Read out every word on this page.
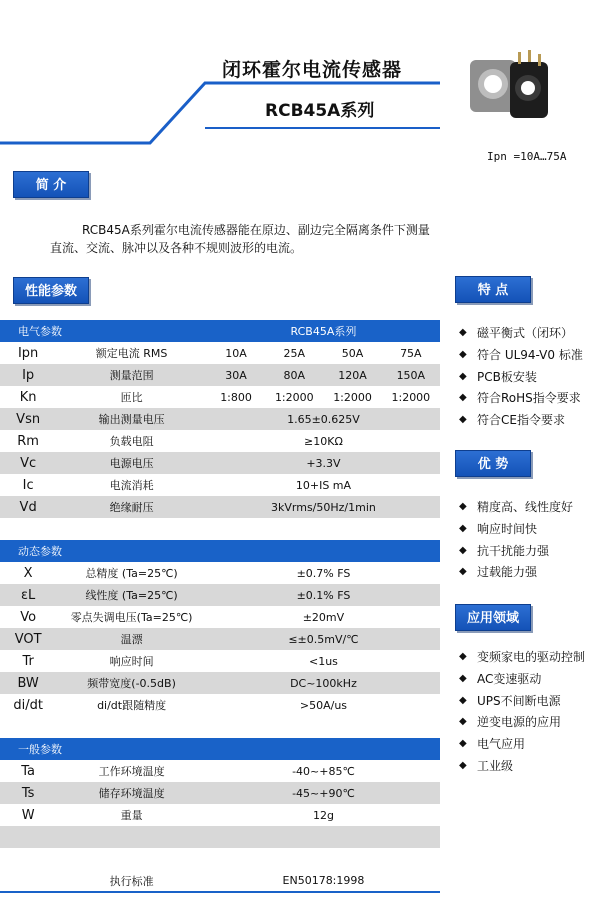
闭环霍尔电流传感器
RCB45A系列
Ipn =10A…75A
简 介
RCB45A系列霍尔电流传感器能在原边、副边完全隔离条件下测量直流、交流、脉冲以及各种不规则波形的电流。
性能参数
电气参数		RCB45A系列			
Ipn	额定电流 RMS	10A	25A	50A	75A
Ip	测量范围	30A	80A	120A	150A
Kn	匝比	1:800	1:2000	1:2000	1:2000
Vsn	输出测量电压	1.65±0.625V			
Rm	负载电阻	≥10KΩ			
Vc	电源电压	+3.3V			
Ic	电流消耗	10+IS mA			
Vd	绝缘耐压	3kVrms/50Hz/1min			

动态参数					
X	总精度 (Ta=25℃)	±0.7% FS			
εL	线性度 (Ta=25℃)	±0.1% FS			
Vo	零点失调电压(Ta=25℃)	±20mV			
VOT	温漂	≤±0.5mV/℃			
Tr	响应时间	<1us			
BW	频带宽度(-0.5dB)	DC~100kHz			
di/dt	di/dt跟随精度	>50A/us			

一般参数					
Ta	工作环境温度	-40~+85℃			
Ts	储存环境温度	-45~+90℃			
W	重量	12g			

	执行标准	EN50178:1998			
特 点
◆ 磁平衡式（闭环）
◆ 符合 UL94-V0 标准
◆ PCB板安装
◆ 符合RoHS指令要求
◆ 符合CE指令要求
优 势
◆ 精度高、线性度好
◆ 响应时间快
◆ 抗干扰能力强
◆ 过载能力强
应用领域
◆ 变频家电的驱动控制
◆ AC变速驱动
◆ UPS不间断电源
◆ 逆变电源的应用
◆ 电气应用
◆ 工业级
